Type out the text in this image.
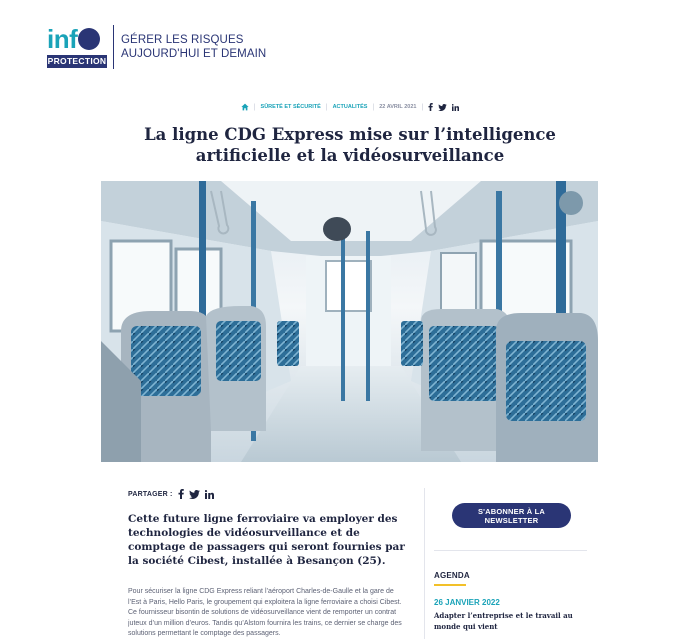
inf
PROTECTION
GÉRER LES RISQUES
AUJOURD'HUI ET DEMAIN
| SÛRETÉ ET SÉCURITÉ | ACTUALITÉS | 22 AVRIL 2021 |
La ligne CDG Express mise sur l’intelligence artificielle et la vidéosurveillance
PARTAGER :

Cette future ligne ferroviaire va employer des technologies de vidéosurveillance et de comptage de passagers qui seront fournies par la société Cibest, installée à Besançon (25).

Pour sécuriser la ligne CDG Express reliant l’aéroport Charles-de-Gaulle et la gare de l’Est à Paris, Hello Paris, le groupement qui exploitera la ligne ferroviaire a choisi Cibest. Ce fournisseur bisontin de solutions de vidéosurveillance vient de remporter un contrat juteux d’un million d’euros. Tandis qu’Alstom fournira les trains, ce dernier se charge des solutions permettant le comptage des passagers.

S'ABONNER À LA NEWSLETTER
AGENDA
26 JANVIER 2022
Adapter l’entreprise et le travail au monde qui vient
